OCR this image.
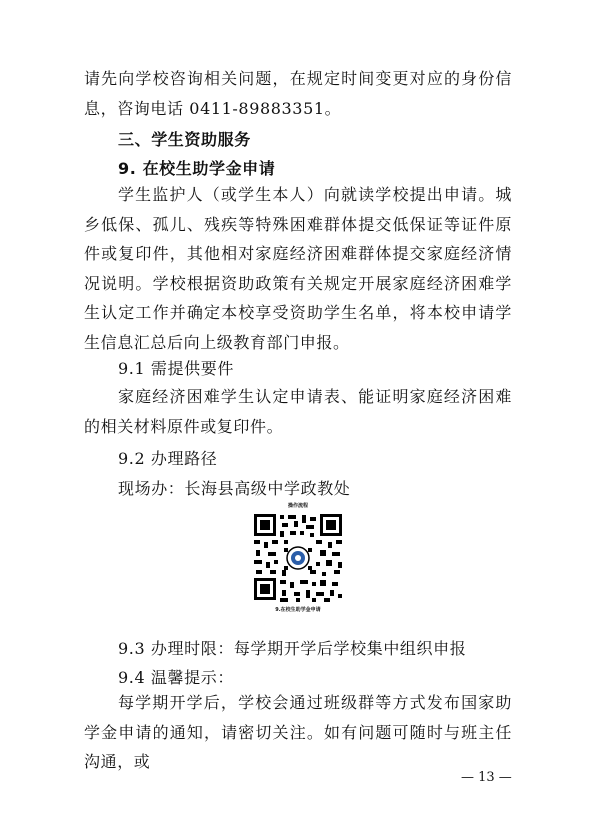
请先向学校咨询相关问题，在规定时间变更对应的身份信息，咨询电话 0411-89883351。

三、学生资助服务

9. 在校生助学金申请

学生监护人（或学生本人）向就读学校提出申请。城乡低保、孤儿、残疾等特殊困难群体提交低保证等证件原件或复印件，其他相对家庭经济困难群体提交家庭经济情况说明。学校根据资助政策有关规定开展家庭经济困难学生认定工作并确定本校享受资助学生名单，将本校申请学生信息汇总后向上级教育部门申报。

9.1 需提供要件

家庭经济困难学生认定申请表、能证明家庭经济困难的相关材料原件或复印件。

9.2 办理路径

现场办：长海县高级中学政教处

操作流程
9.在校生助学金申请

9.3 办理时限：每学期开学后学校集中组织申报

9.4 温馨提示：

每学期开学后，学校会通过班级群等方式发布国家助学金申请的通知，请密切关注。如有问题可随时与班主任沟通，或

— 13 —
